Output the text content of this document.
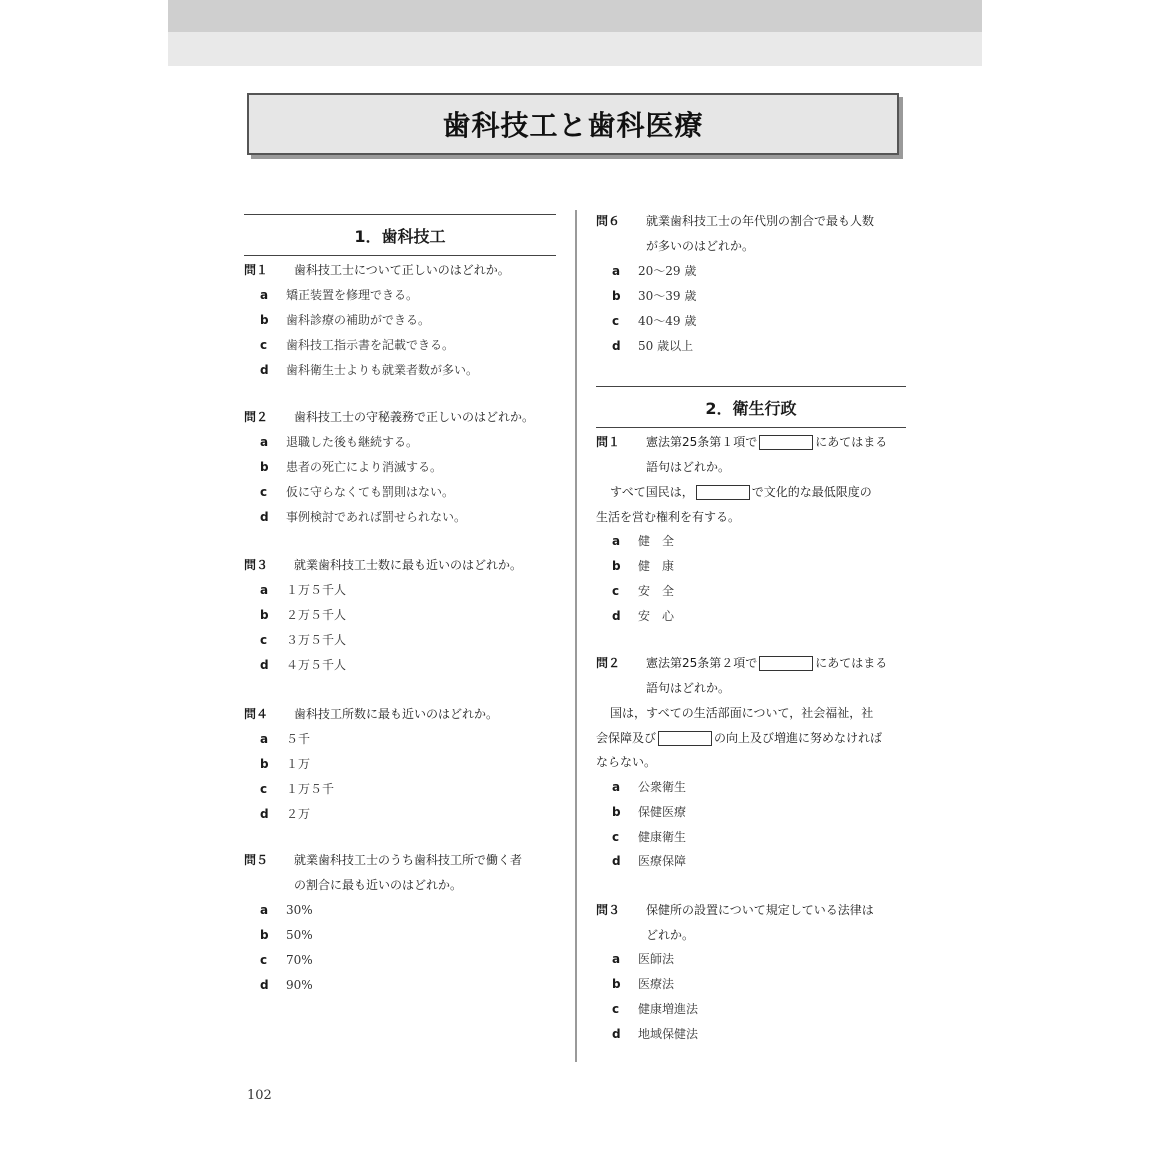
歯科技工と歯科医療
1．歯科技工
問１ 歯科技工士について正しいのはどれか。
a 矯正装置を修理できる。
b 歯科診療の補助ができる。
c 歯科技工指示書を記載できる。
d 歯科衛生士よりも就業者数が多い。
問２ 歯科技工士の守秘義務で正しいのはどれか。
a 退職した後も継続する。
b 患者の死亡により消滅する。
c 仮に守らなくても罰則はない。
d 事例検討であれば罰せられない。
問３ 就業歯科技工士数に最も近いのはどれか。
a １万５千人
b ２万５千人
c ３万５千人
d ４万５千人
問４ 歯科技工所数に最も近いのはどれか。
a ５千
b １万
c １万５千
d ２万
問５ 就業歯科技工士のうち歯科技工所で働く者
の割合に最も近いのはどれか。
a 30%
b 50%
c 70%
d 90%
問６ 就業歯科技工士の年代別の割合で最も人数
が多いのはどれか。
a 20～29 歳
b 30～39 歳
c 40～49 歳
d 50 歳以上
2．衛生行政
問１ 憲法第25条第１項で	にあてはまる
語句はどれか。
すべて国民は，	で文化的な最低限度の
生活を営む権利を有する。
a 健　全
b 健　康
c 安　全
d 安　心
問２ 憲法第25条第２項で	にあてはまる
語句はどれか。
国は，すべての生活部面について，社会福祉，社
会保障及び	の向上及び増進に努めなければ
ならない。
a 公衆衛生
b 保健医療
c 健康衛生
d 医療保障
問３ 保健所の設置について規定している法律は
どれか。
a 医師法
b 医療法
c 健康増進法
d 地域保健法
102
